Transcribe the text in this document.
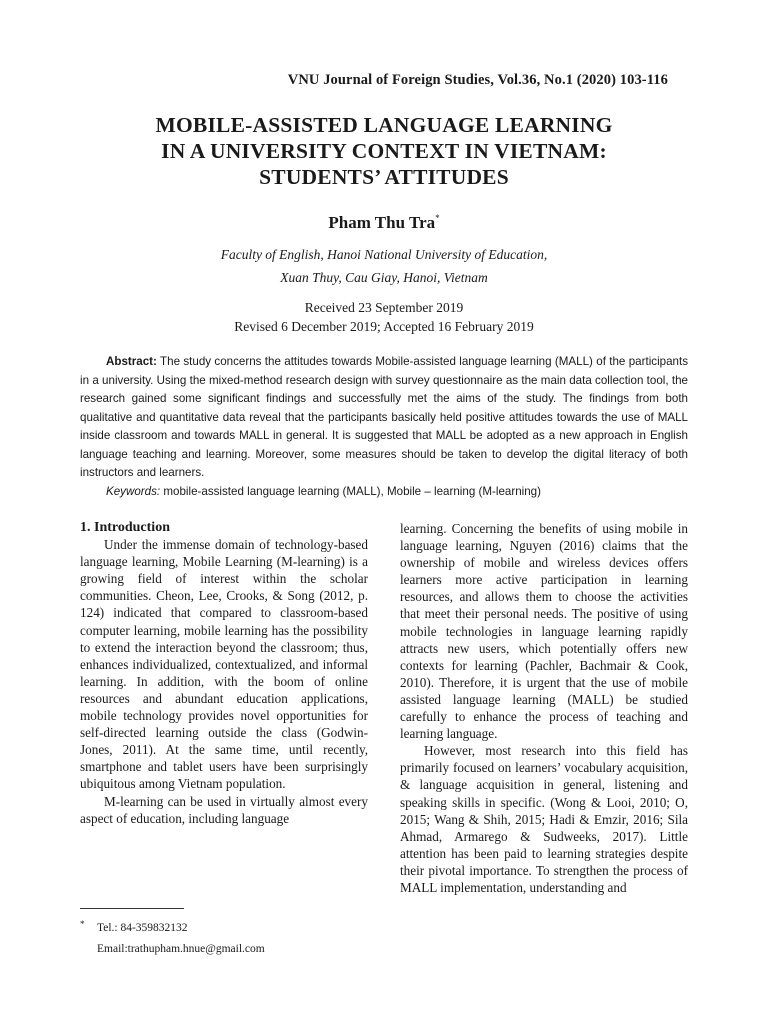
VNU Journal of Foreign Studies, Vol.36, No.1 (2020) 103-116
MOBILE-ASSISTED LANGUAGE LEARNING
IN A UNIVERSITY CONTEXT IN VIETNAM:
STUDENTS’ ATTITUDES
Pham Thu Tra*
Faculty of English, Hanoi National University of Education,
Xuan Thuy, Cau Giay, Hanoi, Vietnam
Received 23 September 2019
Revised 6 December 2019; Accepted 16 February 2019

Abstract: The study concerns the attitudes towards Mobile-assisted language learning (MALL) of the participants in a university. Using the mixed-method research design with survey questionnaire as the main data collection tool, the research gained some significant findings and successfully met the aims of the study. The findings from both qualitative and quantitative data reveal that the participants basically held positive attitudes towards the use of MALL inside classroom and towards MALL in general. It is suggested that MALL be adopted as a new approach in English language teaching and learning. Moreover, some measures should be taken to develop the digital literacy of both instructors and learners.

Keywords: mobile-assisted language learning (MALL), Mobile – learning (M-learning)

1. Introduction

Under the immense domain of technology-based language learning, Mobile Learning (M-learning) is a growing field of interest within the scholar communities. Cheon, Lee, Crooks, & Song (2012, p. 124) indicated that compared to classroom-based computer learning, mobile learning has the possibility to extend the interaction beyond the classroom; thus, enhances individualized, contextualized, and informal learning. In addition, with the boom of online resources and abundant education applications, mobile technology provides novel opportunities for self-directed learning outside the class (Godwin-Jones, 2011). At the same time, until recently, smartphone and tablet users have been surprisingly ubiquitous among Vietnam population.

M-learning can be used in virtually almost every aspect of education, including language

learning. Concerning the benefits of using mobile in language learning, Nguyen (2016) claims that the ownership of mobile and wireless devices offers learners more active participation in learning resources, and allows them to choose the activities that meet their personal needs. The positive of using mobile technologies in language learning rapidly attracts new users, which potentially offers new contexts for learning (Pachler, Bachmair & Cook, 2010). Therefore, it is urgent that the use of mobile assisted language learning (MALL) be studied carefully to enhance the process of teaching and learning language.

However, most research into this field has primarily focused on learners’ vocabulary acquisition, & language acquisition in general, listening and speaking skills in specific. (Wong & Looi, 2010; O, 2015; Wang & Shih, 2015; Hadi & Emzir, 2016; Sila Ahmad, Armarego & Sudweeks, 2017). Little attention has been paid to learning strategies despite their pivotal importance. To strengthen the process of MALL implementation, understanding and

* Tel.: 84-359832132
Email:trathupham.hnue@gmail.com
